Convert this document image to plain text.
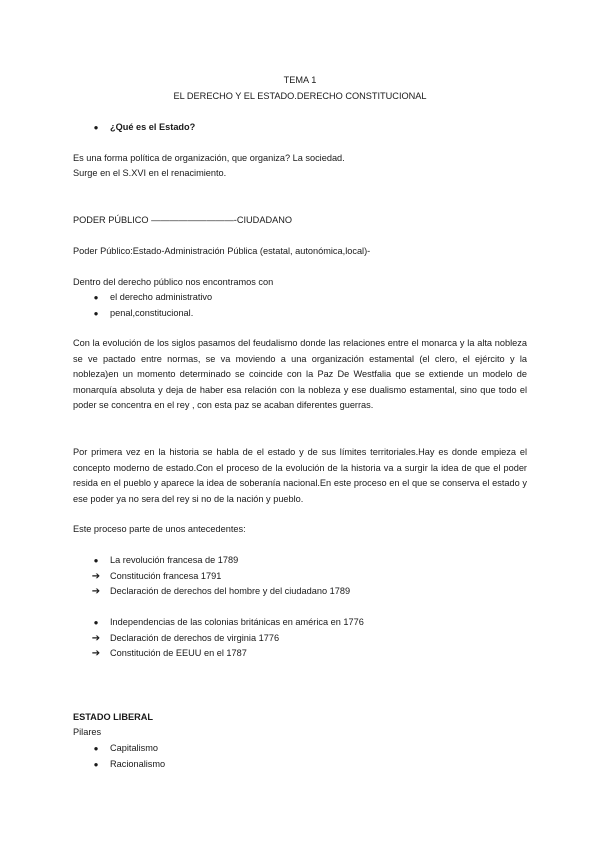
TEMA 1
EL DERECHO Y EL ESTADO.DERECHO CONSTITUCIONAL
●	¿Qué es el Estado?
Es una forma política de organización, que organiza? La sociedad.
Surge en el S.XVI en el renacimiento.
PODER PÚBLICO —————————-CIUDADANO
Poder Público:Estado-Administración Pública (estatal, autonómica,local)-
Dentro del derecho público nos encontramos con
●	el derecho administrativo
●	penal,constitucional.
Con la evolución de los siglos pasamos del feudalismo donde las relaciones entre el monarca y la alta nobleza se ve pactado entre normas, se va moviendo a una organización estamental (el clero, el ejército y la nobleza)en un momento determinado se coincide con la Paz De Westfalia que se extiende un modelo de monarquía absoluta y deja de haber esa relación con la nobleza y ese dualismo estamental, sino que todo el poder se concentra en el rey , con esta paz se acaban diferentes guerras.
Por primera vez en la historia se habla de el estado y de sus límites territoriales.Hay es donde empieza el concepto moderno de estado.Con el proceso de la evolución de la historia va a surgir la idea de que el poder resida en el pueblo y aparece la idea de soberanía nacional.En este proceso en el que se conserva el estado y ese poder ya no sera del rey si no de la nación y pueblo.
Este proceso parte de unos antecedentes:
●	La revolución francesa de 1789
➔	Constitución francesa 1791
➔	Declaración de derechos del hombre y del ciudadano 1789
●	Independencias de las colonias británicas en américa en 1776
➔	Declaración de derechos de virginia 1776
➔	Constitución de EEUU en el 1787
ESTADO LIBERAL
Pilares
●	Capitalismo
●	Racionalismo
